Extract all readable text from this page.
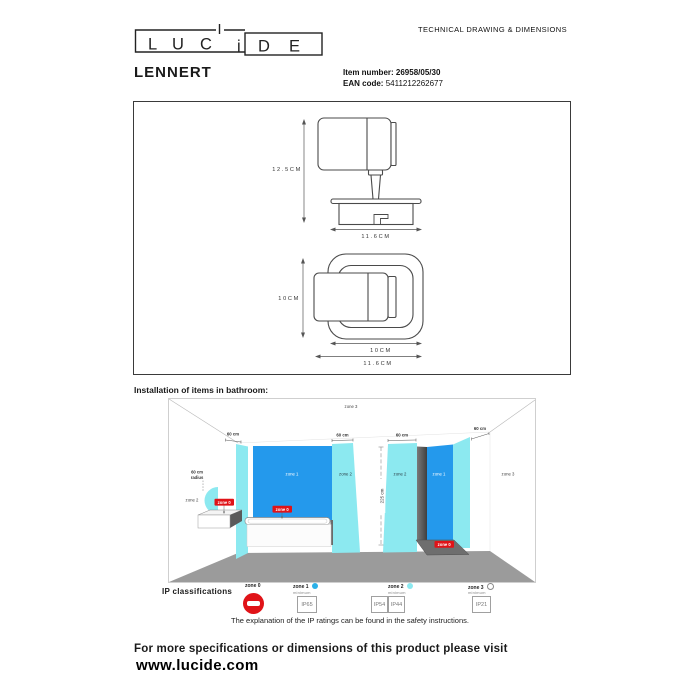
L U C i D E
TECHNICAL DRAWING & DIMENSIONS
LENNERT	Item number: 26958/05/30
EAN code: 5411212262677
12.5CM
11.6CM
10CM
10CM
11.6CM
Installation of items in bathroom:
225 cm
60 cm
radius
zone 3
60 cm	60 cm	60 cm
60 cm
zone 1	zone 2	zone 2	zone 1	zone 3
zone 2	zone 0
zone 0
zone 0
IP classifications
zone 0	zone 1
minimum
IP65
zone 2
minimum
IP54	IP44
zone 3
minimum
IP21
The explanation of the IP ratings can be found in the safety instructions.
For more specifications or dimensions of this product please visit
www.lucide.com
